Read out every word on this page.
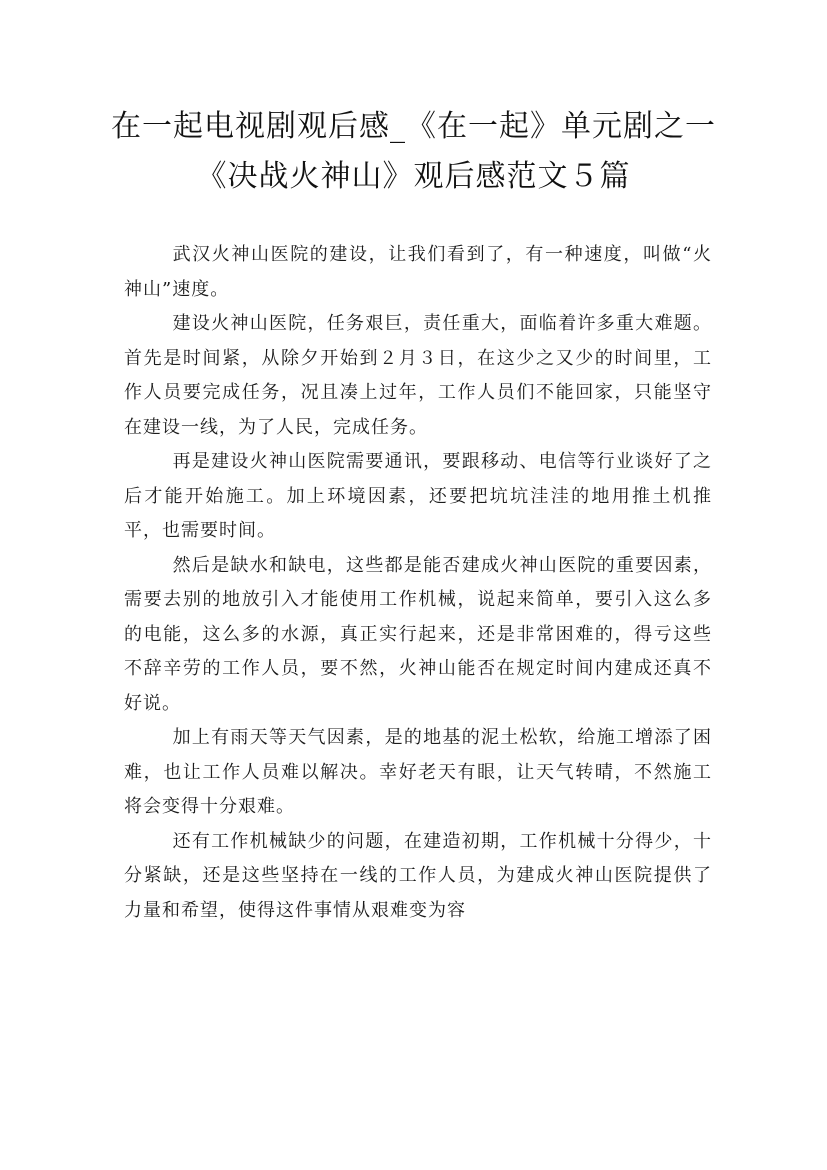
在一起电视剧观后感_《在一起》单元剧之一《决战火神山》观后感范文５篇

武汉火神山医院的建设，让我们看到了，有一种速度，叫做“火神山”速度。

建设火神山医院，任务艰巨，责任重大，面临着许多重大难题。首先是时间紧，从除夕开始到２月３日，在这少之又少的时间里，工作人员要完成任务，况且凑上过年，工作人员们不能回家，只能坚守在建设一线，为了人民，完成任务。

再是建设火神山医院需要通讯，要跟移动、电信等行业谈好了之后才能开始施工。加上环境因素，还要把坑坑洼洼的地用推土机推平，也需要时间。

然后是缺水和缺电，这些都是能否建成火神山医院的重要因素，需要去别的地放引入才能使用工作机械，说起来简单，要引入这么多的电能，这么多的水源，真正实行起来，还是非常困难的，得亏这些不辞辛劳的工作人员，要不然，火神山能否在规定时间内建成还真不好说。

加上有雨天等天气因素，是的地基的泥土松软，给施工增添了困难，也让工作人员难以解决。幸好老天有眼，让天气转晴，不然施工将会变得十分艰难。

还有工作机械缺少的问题，在建造初期，工作机械十分得少，十分紧缺，还是这些坚持在一线的工作人员，为建成火神山医院提供了力量和希望，使得这件事情从艰难变为容
